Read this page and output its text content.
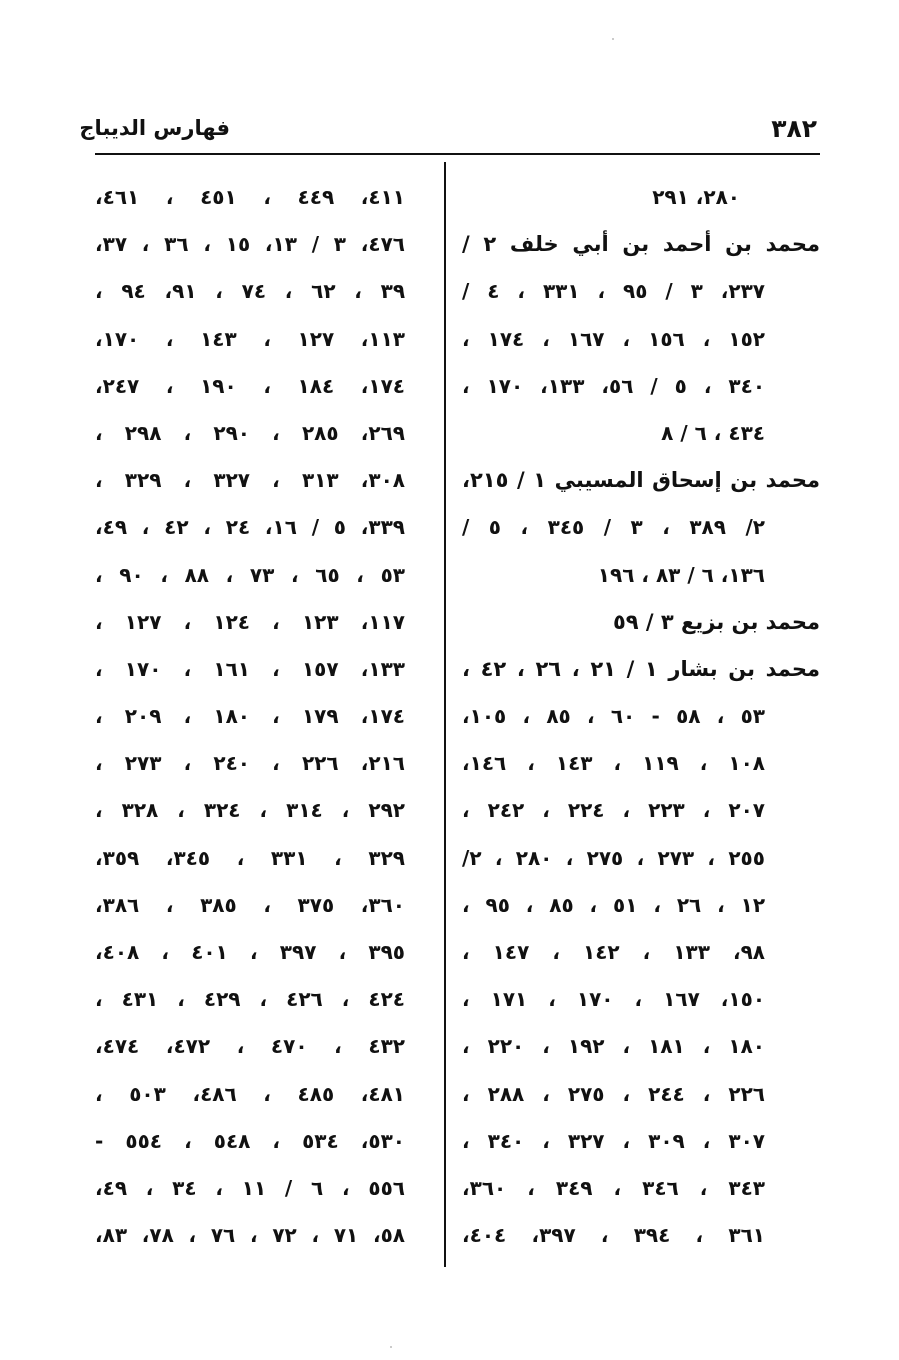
فهارس الديباج	٣٨٢
٢٨٠، ٢٩١
محمد بن أحمد بن أبي خلف ٢ /
٢٣٧، ٣ / ٩٥ ، ٣٣١ ، ٤ /
١٥٢ ، ١٥٦ ، ١٦٧ ، ١٧٤ ،
٣٤٠ ، ٥ / ٥٦، ١٣٣، ١٧٠ ،
٤٣٤ ، ٦ / ٨
محمد بن إسحاق المسيبي ١ / ٢١٥،
٢/ ٣٨٩ ، ٣ / ٣٤٥ ، ٥ /
١٣٦، ٦ / ٨٣ ، ١٩٦
محمد بن بزيع ٣ / ٥٩
محمد بن بشار ١ / ٢١ ، ٢٦ ، ٤٢ ،
٥٣ ، ٥٨ - ٦٠ ، ٨٥ ، ١٠٥،
١٠٨ ، ١١٩ ، ١٤٣ ، ١٤٦،
٢٠٧ ، ٢٢٣ ، ٢٢٤ ، ٢٤٢ ،
٢٥٥ ، ٢٧٣ ، ٢٧٥ ، ٢٨٠ ، ٢/
١٢ ، ٢٦ ، ٥١ ، ٨٥ ، ٩٥ ،
٩٨، ١٣٣ ، ١٤٢ ، ١٤٧ ،
١٥٠، ١٦٧ ، ١٧٠ ، ١٧١ ،
١٨٠ ، ١٨١ ، ١٩٢ ، ٢٢٠ ،
٢٢٦ ، ٢٤٤ ، ٢٧٥ ، ٢٨٨ ،
٣٠٧ ، ٣٠٩ ، ٣٢٧ ، ٣٤٠ ،
٣٤٣ ، ٣٤٦ ، ٣٤٩ ، ٣٦٠،
٣٦١ ، ٣٩٤ ، ٣٩٧، ٤٠٤،
٤١١، ٤٤٩ ، ٤٥١ ، ٤٦١،
٤٧٦، ٣ / ١٣، ١٥ ، ٣٦ ، ٣٧،
٣٩ ، ٦٢ ، ٧٤ ، ٩١، ٩٤ ،
١١٣، ١٢٧ ، ١٤٣ ، ١٧٠،
١٧٤، ١٨٤ ، ١٩٠ ، ٢٤٧،
٢٦٩، ٢٨٥ ، ٢٩٠ ، ٢٩٨ ،
٣٠٨، ٣١٣ ، ٣٢٧ ، ٣٢٩ ،
٣٣٩، ٥ / ١٦، ٢٤ ، ٤٢ ، ٤٩،
٥٣ ، ٦٥ ، ٧٣ ، ٨٨ ، ٩٠ ،
١١٧، ١٢٣ ، ١٢٤ ، ١٢٧ ،
١٣٣، ١٥٧ ، ١٦١ ، ١٧٠ ،
١٧٤، ١٧٩ ، ١٨٠ ، ٢٠٩ ،
٢١٦، ٢٢٦ ، ٢٤٠ ، ٢٧٣ ،
٢٩٢ ، ٣١٤ ، ٣٢٤ ، ٣٢٨ ،
٣٢٩ ، ٣٣١ ، ٣٤٥، ٣٥٩،
٣٦٠، ٣٧٥ ، ٣٨٥ ، ٣٨٦،
٣٩٥ ، ٣٩٧ ، ٤٠١ ، ٤٠٨،
٤٢٤ ، ٤٢٦ ، ٤٢٩ ، ٤٣١ ،
٤٣٢ ، ٤٧٠ ، ٤٧٢، ٤٧٤،
٤٨١، ٤٨٥ ، ٤٨٦، ٥٠٣ ،
٥٣٠، ٥٣٤ ، ٥٤٨ ، ٥٥٤ -
٥٥٦ ، ٦ / ١١ ، ٣٤ ، ٤٩،
٥٨، ٧١ ، ٧٢ ، ٧٦ ، ٧٨، ٨٣،
